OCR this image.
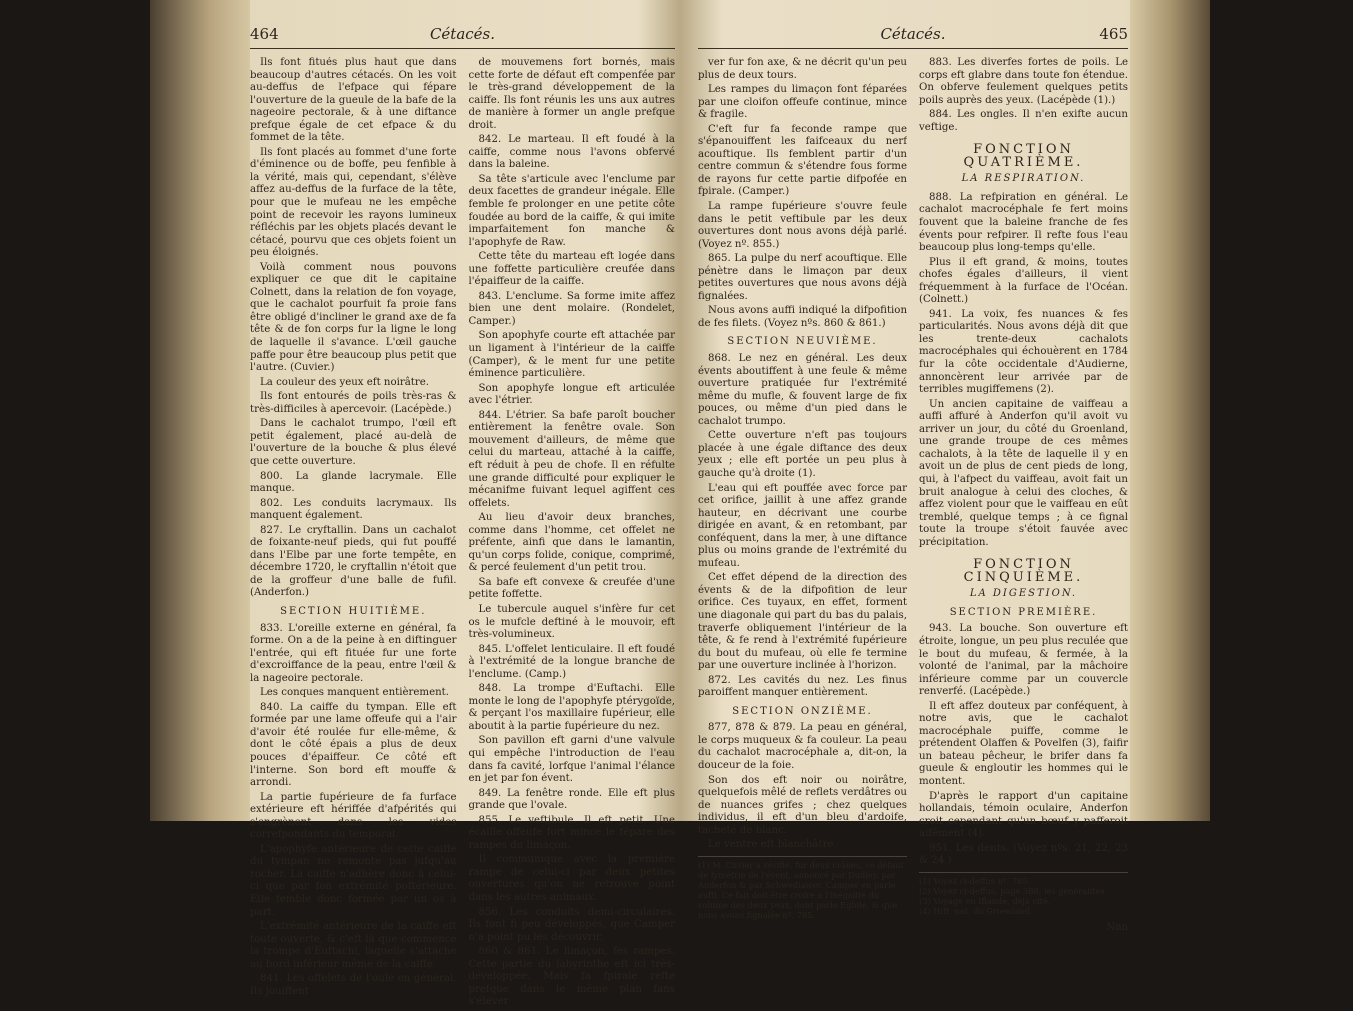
464	Cétacés.

Ils font fitués plus haut que dans beaucoup d'autres cétacés. On les voit au-deffus de l'efpace qui fépare l'ouverture de la gueule de la bafe de la nageoire pectorale, & à une diftance prefque égale de cet efpace & du fommet de la tête.

Ils font placés au fommet d'une forte d'éminence ou de boffe, peu fenfible à la vérité, mais qui, cependant, s'élève affez au-deffus de la furface de la tête, pour que le mufeau ne les empêche point de recevoir les rayons lumineux réfléchis par les objets placés devant le cétacé, pourvu que ces objets foient un peu éloignés.

Voilà comment nous pouvons expliquer ce que dit le capitaine Colnett, dans la relation de fon voyage, que le cachalot pourfuit fa proie fans être obligé d'incliner le grand axe de fa tête & de fon corps fur la ligne le long de laquelle il s'avance. L'œil gauche paffe pour être beaucoup plus petit que l'autre. (Cuvier.)

La couleur des yeux eft noirâtre.

Ils font entourés de poils très-ras & très-difficiles à apercevoir. (Lacépède.)

Dans le cachalot trumpo, l'œil eft petit également, placé au-delà de l'ouverture de la bouche & plus élevé que cette ouverture.

800. La glande lacrymale. Elle manque.

802. Les conduits lacrymaux. Ils manquent également.

827. Le cryftallin. Dans un cachalot de foixante-neuf pieds, qui fut pouffé dans l'Elbe par une forte tempête, en décembre 1720, le cryftallin n'étoit que de la groffeur d'une balle de fufil. (Anderfon.)

SECTION HUITIÈME.

833. L'oreille externe en général, fa forme. On a de la peine à en diftinguer l'entrée, qui eft fituée fur une forte d'excroiffance de la peau, entre l'œil & la nageoire pectorale.

Les conques manquent entièrement.

840. La caiffe du tympan. Elle eft formée par une lame offeufe qui a l'air d'avoir été roulée fur elle-même, & dont le côté épais a plus de deux pouces d'épaiffeur. Ce côté eft l'interne. Son bord eft mouffe & arrondi.

La partie fupérieure de fa furface extérieure eft hériffée d'afpérités qui s'engrènent dans les vides correfpondants du temporal.

L'apophyfe antérieure de cette caiffe du tympan ne remonte pas jufqu'au rocher. La caiffe n'adhère donc à celui-ci que par fon extrémité poftérieure. Elle femble donc formée par un os à part.

L'extrémité antérieure de la caiffe eft toute ouverte, & c'eft là que commence la trompe d'Euftachi, laquelle s'attache au bord inférieur même de la caiffe.

841. Les offelets de l'ouïe en général. Ils jouiffent

de mouvemens fort bornés, mais cette forte de défaut eft compenfée par le très-grand développement de la caiffe. Ils font réunis les uns aux autres de manière à former un angle prefque droit.

842. Le marteau. Il eft foudé à la caiffe, comme nous l'avons obfervé dans la baleine.

Sa tête s'articule avec l'enclume par deux facettes de grandeur inégale. Elle femble fe prolonger en une petite côte foudée au bord de la caiffe, & qui imite imparfaitement fon manche & l'apophyfe de Raw.

Cette tête du marteau eft logée dans une foffette particulière creufée dans l'épaiffeur de la caiffe.

843. L'enclume. Sa forme imite affez bien une dent molaire. (Rondelet, Camper.)

Son apophyfe courte eft attachée par un ligament à l'intérieur de la caiffe (Camper), & le ment fur une petite éminence particulière.

Son apophyfe longue eft articulée avec l'étrier.

844. L'étrier. Sa bafe paroît boucher entièrement la fenêtre ovale. Son mouvement d'ailleurs, de même que celui du marteau, attaché à la caiffe, eft réduit à peu de chofe. Il en réfulte une grande difficulté pour expliquer le mécanifme fuivant lequel agiffent ces offelets.

Au lieu d'avoir deux branches, comme dans l'homme, cet offelet ne préfente, ainfi que dans le lamantin, qu'un corps folide, conique, comprimé, & percé feulement d'un petit trou.

Sa bafe eft convexe & creufée d'une petite foffette.

Le tubercule auquel s'infère fur cet os le mufcle deftiné à le mouvoir, eft très-volumineux.

845. L'offelet lenticulaire. Il eft foudé à l'extrémité de la longue branche de l'enclume. (Camp.)

848. La trompe d'Euftachi. Elle monte le long de l'apophyfe ptérygoïde, & perçant l'os maxillaire fupérieur, elle aboutit à la partie fupérieure du nez.

Son pavillon eft garni d'une valvule qui empêche l'introduction de l'eau dans fa cavité, lorfque l'animal l'élance en jet par fon évent.

849. La fenêtre ronde. Elle eft plus grande que l'ovale.

855. Le veftibule. Il eft petit. Une écaille offeufe fort mince le fépare des rampes du limaçon.

Il communique avec la première rampe de celui-ci par deux petites ouvertures qu'on ne retrouve point dans les autres animaux.

856. Les conduits demi-circulaires. Ils font fi peu développés, que Camper n'a point pu les découvrir.

860 & 861. Le limaçon, fes rampes. Cette partie du labyrinthe eft ici très-développée. Mais fa fpirale refte prefque dans le même plan fans s'élever

Cétacés.	465

ver fur fon axe, & ne décrit qu'un peu plus de deux tours.

Les rampes du limaçon font féparées par une cloifon offeufe continue, mince & fragile.

C'eft fur fa feconde rampe que s'épanouiffent les faifceaux du nerf acouftique. Ils femblent partir d'un centre commun & s'étendre fous forme de rayons fur cette partie difpofée en fpirale. (Camper.)

La rampe fupérieure s'ouvre feule dans le petit veftibule par les deux ouvertures dont nous avons déjà parlé. (Voyez nº. 855.)

865. La pulpe du nerf acouftique. Elle pénètre dans le limaçon par deux petites ouvertures que nous avons déjà fignalées.

Nous avons auffi indiqué la difpofition de fes filets. (Voyez nºs. 860 & 861.)

SECTION NEUVIÈME.

868. Le nez en général. Les deux évents aboutiffent à une feule & même ouverture pratiquée fur l'extrémité même du mufle, & fouvent large de fix pouces, ou même d'un pied dans le cachalot trumpo.

Cette ouverture n'eft pas toujours placée à une égale diftance des deux yeux ; elle eft portée un peu plus à gauche qu'à droite (1).

L'eau qui eft pouffée avec force par cet orifice, jaillit à une affez grande hauteur, en décrivant une courbe dirigée en avant, & en retombant, par conféquent, dans la mer, à une diftance plus ou moins grande de l'extrémité du mufeau.

Cet effet dépend de la direction des évents & de la difpofition de leur orifice. Ces tuyaux, en effet, forment une diagonale qui part du bas du palais, traverfe obliquement l'intérieur de la tête, & fe rend à l'extrémité fupérieure du bout du mufeau, où elle fe termine par une ouverture inclinée à l'horizon.

872. Les cavités du nez. Les finus paroiffent manquer entièrement.

SECTION ONZIÈME.

877, 878 & 879. La peau en général, le corps muqueux & fa couleur. La peau du cachalot macrocéphale a, dit-on, la douceur de la foie.

Son dos eft noir ou noirâtre, quelquefois mêlé de reflets verdâtres ou de nuances grifes ; chez quelques individus, il eft d'un bleu d'ardoife, tacheté de blanc.

Le ventre eft blanchâtre.

(1) M. Cuvier a vérifié, fur deux crânes, ce défaut de fymétrie de l'évent, annoncé par Dudley, par Anderfon & par Schwediawer. Camper en parle auffi. Ce fait doit être croire à l'inégalité du volume des deux yeux, dont parle Eghile, & que nous avons fignalée nº. 785.

883. Les diverfes fortes de poils. Le corps eft glabre dans toute fon étendue. On obferve feulement quelques petits poils auprès des yeux. (Lacépède (1).)

884. Les ongles. Il n'en exifte aucun veftige.

FONCTION QUATRIÈME.
LA RESPIRATION.

888. La refpiration en général. Le cachalot macrocéphale fe fert moins fouvent que la baleine franche de fes évents pour refpirer. Il refte fous l'eau beaucoup plus long-temps qu'elle.

Plus il eft grand, & moins, toutes chofes égales d'ailleurs, il vient fréquemment à la furface de l'Océan. (Colnett.)

941. La voix, fes nuances & fes particularités. Nous avons déjà dit que les trente-deux cachalots macrocéphales qui échouèrent en 1784 fur la côte occidentale d'Audierne, annoncèrent leur arrivée par de terribles mugiffemens (2).

Un ancien capitaine de vaiffeau a auffi affuré à Anderfon qu'il avoit vu arriver un jour, du côté du Groenland, une grande troupe de ces mêmes cachalots, à la tête de laquelle il y en avoit un de plus de cent pieds de long, qui, à l'afpect du vaiffeau, avoit fait un bruit analogue à celui des cloches, & affez violent pour que le vaiffeau en eût tremblé, quelque temps ; à ce fignal toute la troupe s'étoit fauvée avec précipitation.

FONCTION CINQUIÈME.
LA DIGESTION.
SECTION PREMIÈRE.

943. La bouche. Son ouverture eft étroite, longue, un peu plus reculée que le bout du mufeau, & fermée, à la volonté de l'animal, par la mâchoire inférieure comme par un couvercle renverfé. (Lacépède.)

Il eft affez douteux par conféquent, à notre avis, que le cachalot macrocéphale puiffe, comme le prétendent Olaffen & Povelfen (3), faifir un bateau pêcheur, le brifer dans fa gueule & engloutir les hommes qui le montent.

D'après le rapport d'un capitaine hollandais, témoin oculaire, Anderfon croit cependant qu'un bœuf y pafferoit aifément (4).

951. Les dents. (Voyez nºs. 21, 22, 23 & 24.)

(1) Voyez ci-deffus nº. 785.
(2) Voyez ci-deffus, page 388, les généralités.
(3) Voyage en Iflande, déjà cité.
(4) Hift. nat. du Groenland.
Nnn
